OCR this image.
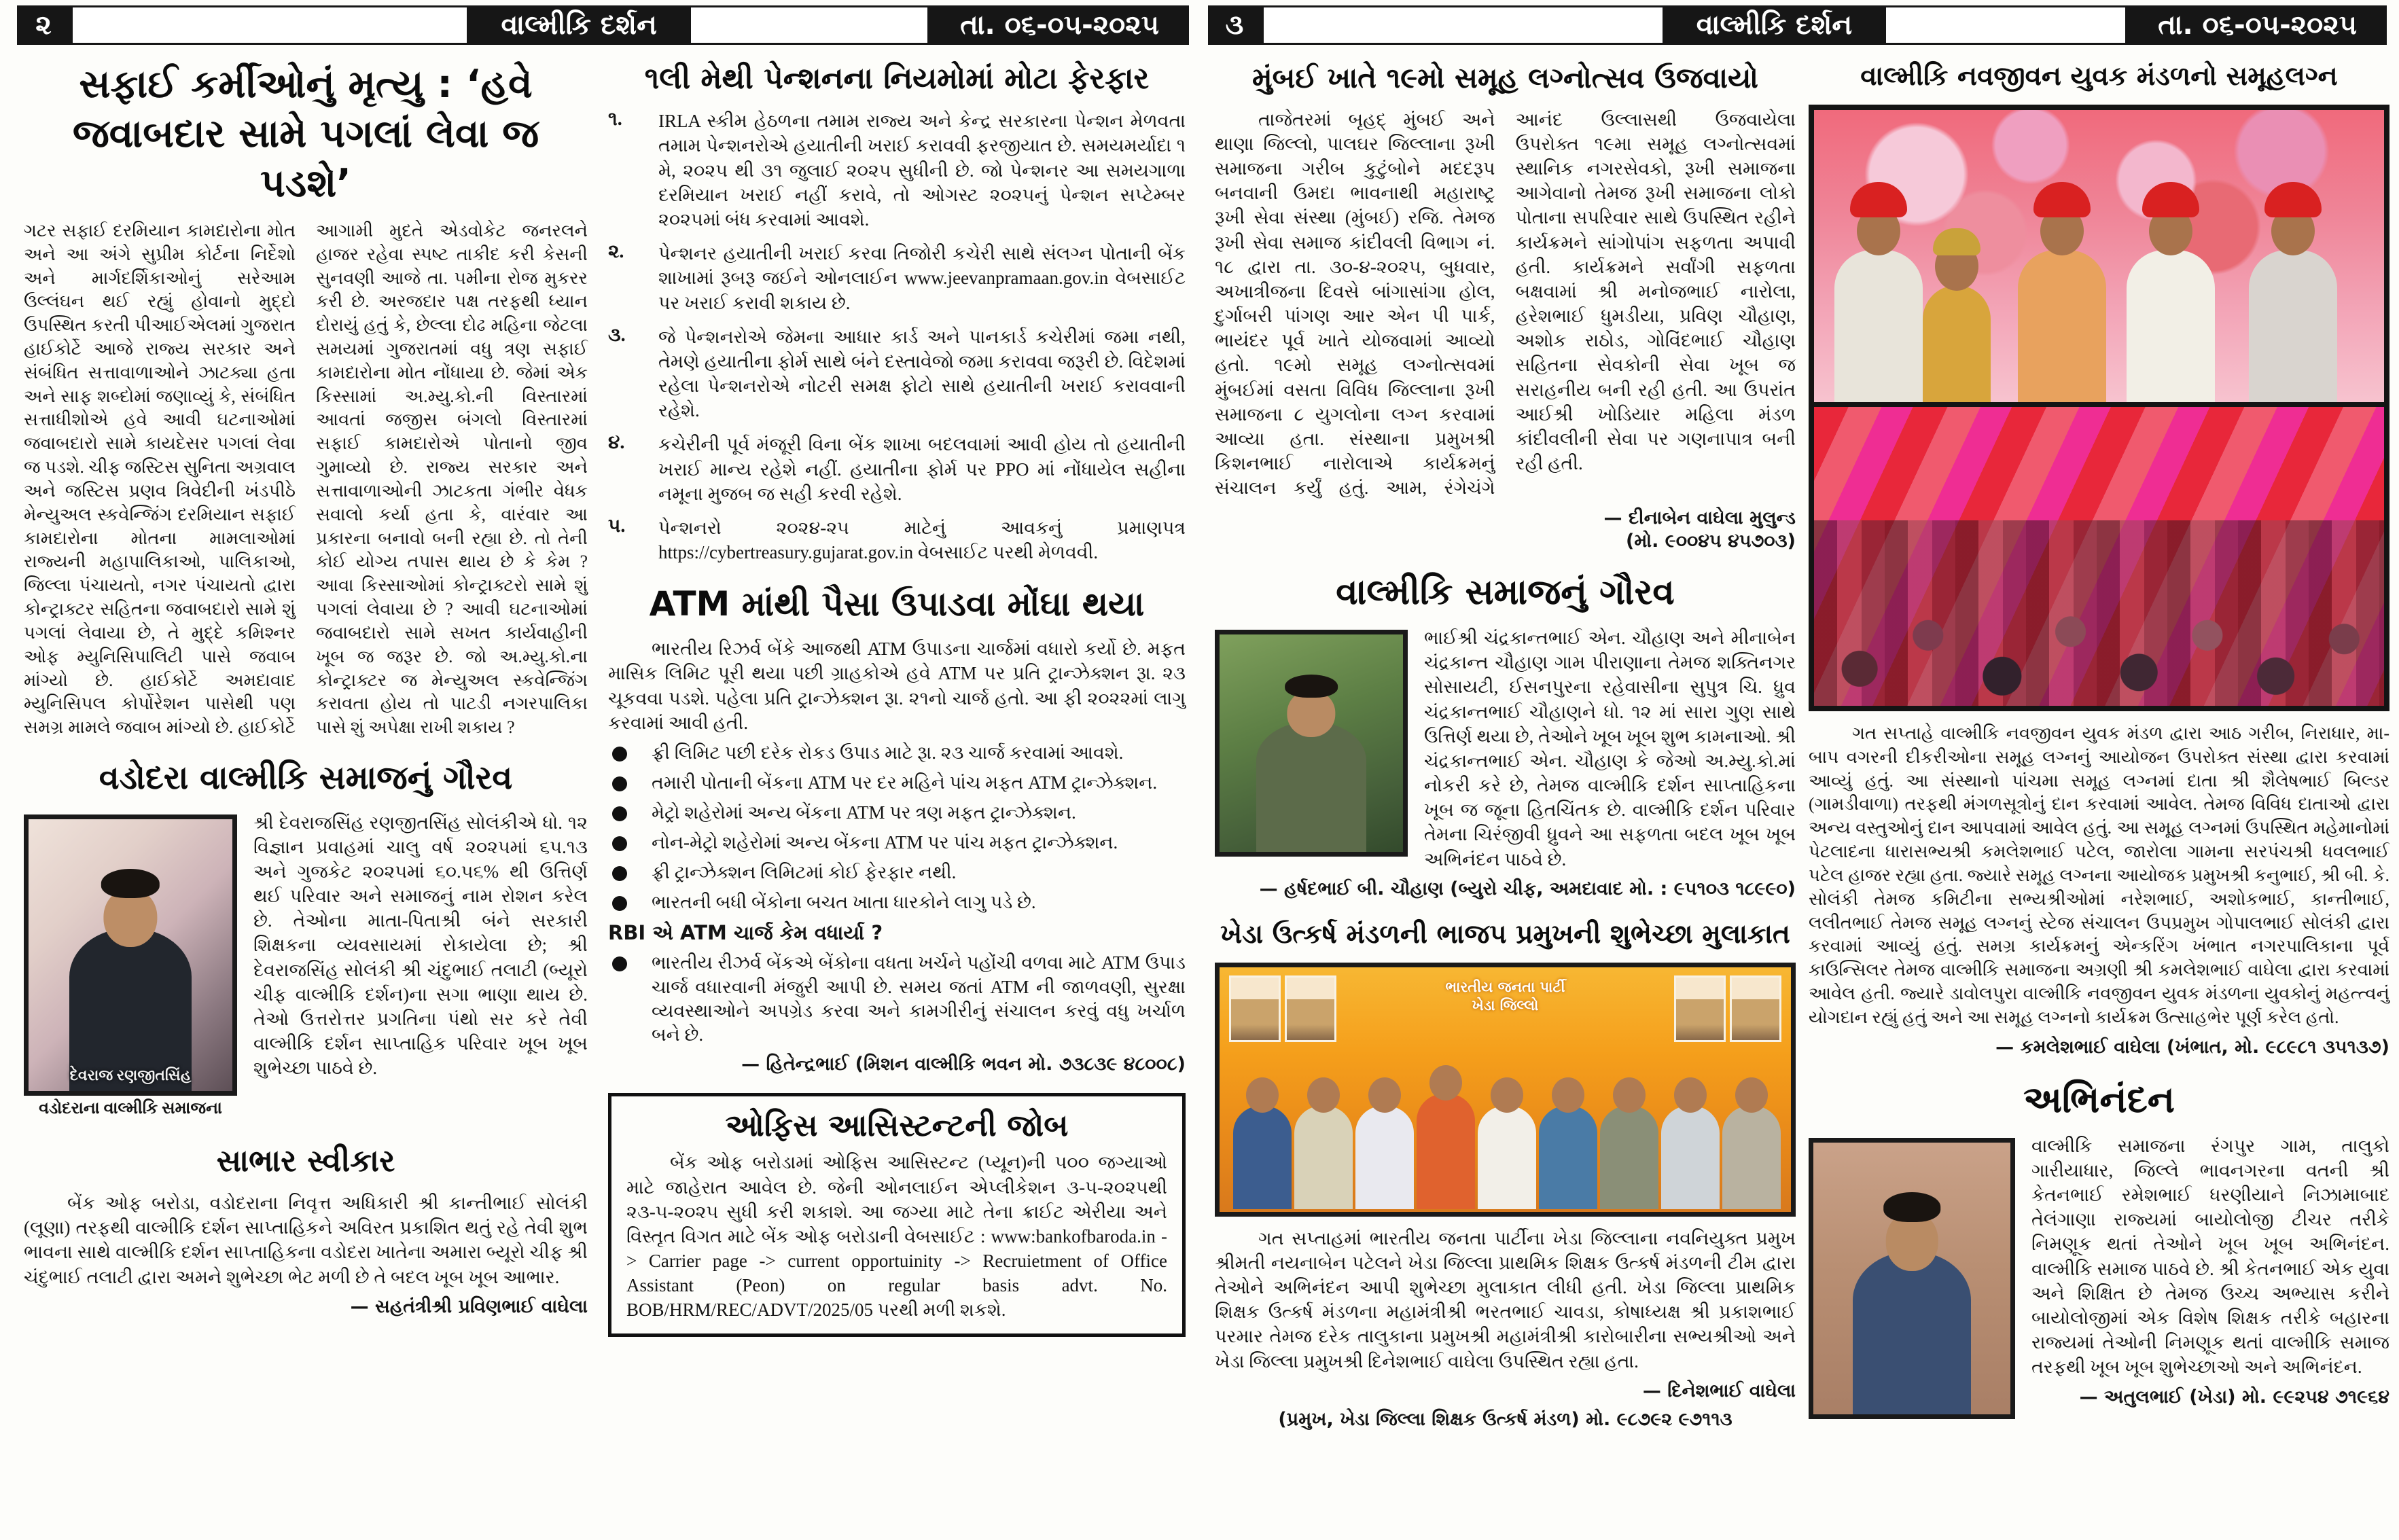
૨	વાલ્મીકિ દર્શન	તા. ૦૬-૦૫-૨૦૨૫	૩	વાલ્મીકિ દર્શન	તા. ૦૬-૦૫-૨૦૨૫
સફાઈ કર્મીઓનું મૃત્યુ : ‘હવે જવાબદાર સામે પગલાં લેવા જ પડશે’
ગટર સફાઈ દરમિયાન કામદારોના મોત અને આ અંગે સુપ્રીમ કોર્ટના નિર્દેશો અને માર્ગદર્શિકાઓનું સરેઆમ ઉલ્લંઘન થઈ રહ્યું હોવાનો મુદ્દો ઉપસ્થિત કરતી પીઆઈએલમાં ગુજરાત હાઈકોર્ટે આજે રાજ્ય સરકાર અને સંબંધિત સત્તાવાળાઓને ઝાટક્યા હતા અને સાફ શબ્દોમાં જણાવ્યું કે, સંબંધિત સત્તાધીશોએ હવે આવી ઘટનાઓમાં જવાબદારો સામે કાયદેસર પગલાં લેવા જ પડશે. ચીફ જસ્ટિસ સુનિતા અગ્રવાલ અને જસ્ટિસ પ્રણવ ત્રિવેદીની ખંડપીઠે મેન્યુઅલ સ્કવેન્જિંગ દરમિયાન સફાઈ કામદારોના મોતના મામલાઓમાં રાજ્યની મહાપાલિકાઓ, પાલિકાઓ, જિલ્લા પંચાયતો, નગર પંચાયતો દ્વારા કોન્ટ્રાક્ટર સહિતના જવાબદારો સામે શું પગલાં લેવાયા છે, તે મુદ્દે કમિશ્નર ઓફ મ્યુનિસિપાલિટી પાસે જવાબ માંગ્યો છે. હાઈકોર્ટે અમદાવાદ મ્યુનિસિપલ કોર્પોરેશન પાસેથી પણ સમગ્ર મામલે જવાબ માંગ્યો છે. હાઈકોર્ટે આગામી મુદતે એડવોકેટ જનરલને હાજર રહેવા સ્પષ્ટ તાકીદ કરી કેસની સુનવણી આજે તા. ૫મીના રોજ મુકરર કરી છે. અરજદાર પક્ષ તરફથી ધ્યાન દોરાયું હતું કે, છેલ્લા દોઢ મહિના જેટલા સમયમાં ગુજરાતમાં વધુ ત્રણ સફાઈ કામદારોના મોત નોંધાયા છે. જેમાં એક કિસ્સામાં અ.મ્યુ.કો.ની વિસ્તારમાં આવતાં જજીસ બંગલો વિસ્તારમાં સફાઈ કામદારોએ પોતાનો જીવ ગુમાવ્યો છે. રાજ્ય સરકાર અને સત્તાવાળાઓની ઝાટકતા ગંભીર વેધક સવાલો કર્યા હતા કે, વારંવાર આ પ્રકારના બનાવો બની રહ્યા છે. તો તેની કોઈ યોગ્ય તપાસ થાય છે કે કેમ ? આવા કિસ્સાઓમાં કોન્ટ્રાક્ટરો સામે શું પગલાં લેવાયા છે ? આવી ઘટનાઓમાં જવાબદારો સામે સખત કાર્યવાહીની ખૂબ જ જરૂર છે. જો અ.મ્યુ.કો.ના કોન્ટ્રાક્ટર જ મેન્યુઅલ સ્કવેન્જિંગ કરાવતા હોય તો પાટડી નગરપાલિકા પાસે શું અપેક્ષા રાખી શકાય ?
વડોદરા વાલ્મીકિ સમાજનું ગૌરવ
દેવરાજ રણજીતસિંહ
વડોદરાના વાલ્મીકિ સમાજના
શ્રી દેવરાજસિંહ રણજીતસિંહ સોલંકીએ ધો. ૧૨ વિજ્ઞાન પ્રવાહમાં ચાલુ વર્ષ ૨૦૨૫માં ૬૫.૧૩ અને ગુજકેટ ૨૦૨૫માં ૬૦.૫૬% થી ઉત્તિર્ણ થઈ પરિવાર અને સમાજનું નામ રોશન કરેલ છે. તેઓના માતા-પિતાશ્રી બંને સરકારી શિક્ષકના વ્યવસાયમાં રોકાયેલા છે; શ્રી દેવરાજસિંહ સોલંકી શ્રી ચંદુભાઈ તલાટી (બ્યૂરો ચીફ વાલ્મીકિ દર્શન)ના સગા ભાણા થાય છે. તેઓ ઉત્તરોત્તર પ્રગતિના પંથો સર કરે તેવી વાલ્મીકિ દર્શન સાપ્તાહિક પરિવાર ખૂબ ખૂબ શુભેચ્છા પાઠવે છે.
સાભાર સ્વીકાર
બેંક ઓફ બરોડા, વડોદરાના નિવૃત્ત અધિકારી શ્રી કાન્તીભાઈ સોલંકી (લૂણા) તરફથી વાલ્મીકિ દર્શન સાપ્તાહિકને અવિરત પ્રકાશિત થતું રહે તેવી શુભ ભાવના સાથે વાલ્મીકિ દર્શન સાપ્તાહિકના વડોદરા ખાતેના અમારા બ્યૂરો ચીફ શ્રી ચંદુભાઈ તલાટી દ્વારા અમને શુભેચ્છા ભેટ મળી છે તે બદલ ખૂબ ખૂબ આભાર.
— સહતંત્રીશ્રી પ્રવિણભાઈ વાઘેલા
૧લી મેથી પેન્શનના નિયમોમાં મોટા ફેરફાર
૧.	IRLA સ્કીમ હેઠળના તમામ રાજ્ય અને કેન્દ્ર સરકારના પેન્શન મેળવતા તમામ પેન્શનરોએ હયાતીની ખરાઈ કરાવવી ફરજીયાત છે. સમયમર્યાદા ૧ મે, ૨૦૨૫ થી ૩૧ જુલાઈ ૨૦૨૫ સુધીની છે. જો પેન્શનર આ સમયગાળા દરમિયાન ખરાઈ નહીં કરાવે, તો ઓગસ્ટ ૨૦૨૫નું પેન્શન સપ્ટેમ્બર ૨૦૨૫માં બંધ કરવામાં આવશે.
૨.	પેન્શનર હયાતીની ખરાઈ કરવા તિજોરી કચેરી સાથે સંલગ્ન પોતાની બેંક શાખામાં રૂબરૂ જઈને ઓનલાઈન www.jeevanpramaan.gov.in વેબસાઈટ પર ખરાઈ કરાવી શકાય છે.
૩.	જે પેન્શનરોએ જેમના આધાર કાર્ડ અને પાનકાર્ડ કચેરીમાં જમા નથી, તેમણે હયાતીના ફોર્મ સાથે બંને દસ્તાવેજો જમા કરાવવા જરૂરી છે. વિદેશમાં રહેલા પેન્શનરોએ નોટરી સમક્ષ ફોટો સાથે હયાતીની ખરાઈ કરાવવાની રહેશે.
૪.	કચેરીની પૂર્વ મંજૂરી વિના બેંક શાખા બદલવામાં આવી હોય તો હયાતીની ખરાઈ માન્ય રહેશે નહીં. હયાતીના ફોર્મ પર PPO માં નોંધાયેલ સહીના નમૂના મુજબ જ સહી કરવી રહેશે.
૫.	પેન્શનરો ૨૦૨૪-૨૫ માટેનું આવકનું પ્રમાણપત્ર https://cybertreasury.gujarat.gov.in વેબસાઈટ પરથી મેળવવી.
ATM માંથી પૈસા ઉપાડવા મોંઘા થયા
ભારતીય રિઝર્વ બેંકે આજથી ATM ઉપાડના ચાર્જમાં વધારો કર્યો છે. મફત માસિક લિમિટ પૂરી થયા પછી ગ્રાહકોએ હવે ATM પર પ્રતિ ટ્રાન્ઝેક્શન રૂા. ૨૩ ચૂકવવા પડશે. પહેલા પ્રતિ ટ્રાન્ઝેક્શન રૂા. ૨૧નો ચાર્જ હતો. આ ફી ૨૦૨૨માં લાગુ કરવામાં આવી હતી.
ફ્રી લિમિટ પછી દરેક રોકડ ઉપાડ માટે રૂા. ૨૩ ચાર્જ કરવામાં આવશે.
તમારી પોતાની બેંકના ATM પર દર મહિને પાંચ મફત ATM ટ્રાન્ઝેક્શન.
મેટ્રો શહેરોમાં અન્ય બેંકના ATM પર ત્રણ મફત ટ્રાન્ઝેક્શન.
નોન-મેટ્રો શહેરોમાં અન્ય બેંકના ATM પર પાંચ મફત ટ્રાન્ઝેક્શન.
ફ્રી ટ્રાન્ઝેક્શન લિમિટમાં કોઈ ફેરફાર નથી.
ભારતની બધી બેંકોના બચત ખાતા ધારકોને લાગુ પડે છે.
RBI એ ATM ચાર્જ કેમ વધાર્યા ?
ભારતીય રીઝર્વ બેંકએ બેંકોના વધતા ખર્ચને પહોંચી વળવા માટે ATM ઉપાડ ચાર્જ વધારવાની મંજુરી આપી છે. સમય જતાં ATM ની જાળવણી, સુરક્ષા વ્યવસ્થાઓને અપગ્રેડ કરવા અને કામગીરીનું સંચાલન કરવું વધુ ખર્ચાળ બને છે.
— હિતેન્દ્રભાઈ (મિશન વાલ્મીકિ ભવન મો. ૭૩૮૩૯ ૪૮૦૦૮)
ઓફિસ આસિસ્ટન્ટની જોબ
બેંક ઓફ બરોડામાં ઓફિસ આસિસ્ટન્ટ (પ્યૂન)ની ૫૦૦ જગ્યાઓ માટે જાહેરાત આવેલ છે. જેની ઓનલાઈન એપ્લીકેશન ૩-૫-૨૦૨૫થી ૨૩-૫-૨૦૨૫ સુધી કરી શકાશે. આ જગ્યા માટે તેના ક્રાઈટ એરીયા અને વિસ્તૃત વિગત માટે બેંક ઓફ બરોડાની વેબસાઈટ : www:bankofbaroda.in -> Carrier page -> current opportuinity -> Recruietment of Office Assistant (Peon) on regular basis advt. No. BOB/HRM/REC/ADVT/2025/05 પરથી મળી શકશે.
મુંબઈ ખાતે ૧૯મો સમૂહ લગ્નોત્સવ ઉજવાયો
તાજેતરમાં બૃહદ્ મુંબઈ અને થાણા જિલ્લો, પાલઘર જિલ્લાના રૂખી સમાજના ગરીબ કુટુંબોને મદદરૂપ બનવાની ઉમદા ભાવનાથી મહારાષ્ટ્ર રૂખી સેવા સંસ્થા (મુંબઈ) રજિ. તેમજ રૂખી સેવા સમાજ કાંદીવલી વિભાગ નં. ૧૮ દ્વારા તા. ૩૦-૪-૨૦૨૫, બુધવાર, અખાત્રીજના દિવસે બાંગાસાંગા હોલ, દુર્ગાબરી પાંગણ આર એન પી પાર્ક, ભાયંદર પૂર્વ ખાતે યોજવામાં આવ્યો હતો. ૧૯મો સમૂહ લગ્નોત્સવમાં મુંબઈમાં વસતા વિવિધ જિલ્લાના રૂખી સમાજના ૮ યુગલોના લગ્ન કરવામાં આવ્યા હતા. સંસ્થાના પ્રમુખશ્રી કિશનભાઈ નારોલાએ કાર્યક્રમનું સંચાલન કર્યું હતું. આમ, રંગેચંગે આનંદ ઉલ્લાસથી ઉજવાયેલા ઉપરોક્ત ૧૯મા સમૂહ લગ્નોત્સવમાં સ્થાનિક નગરસેવકો, રૂખી સમાજના આગેવાનો તેમજ રૂખી સમાજના લોકો પોતાના સપરિવાર સાથે ઉપસ્થિત રહીને કાર્યક્રમને સાંગોપાંગ સફળતા અપાવી હતી. કાર્યક્રમને સર્વાંગી સફળતા બક્ષવામાં શ્રી મનોજભાઈ નારોલા, હરેશભાઈ ધુમડીયા, પ્રવિણ ચૌહાણ, અશોક રાઠોડ, ગોવિંદભાઈ ચૌહાણ સહિતના સેવકોની સેવા ખૂબ જ સરાહનીય બની રહી હતી. આ ઉપરાંત આઈશ્રી ખોડિયાર મહિલા મંડળ કાંદીવલીની સેવા પર ગણનાપાત્ર બની રહી હતી.
— દીનાબેન વાઘેલા મુલુન્ડ
(મો. ૯૦૦૪૫ ૪૫૭૦૩)
વાલ્મીકિ સમાજનું ગૌરવ
ભાઈશ્રી ચંદ્રકાન્તભાઈ એન. ચૌહાણ અને મીનાબેન ચંદ્રકાન્ત ચૌહાણ ગામ પીરાણાના તેમજ શક્તિનગર સોસાયટી, ઈસનપુરના રહેવાસીના સુપુત્ર ચિ. ધ્રુવ ચંદ્રકાન્તભાઈ ચૌહાણને ધો. ૧૨ માં સારા ગુણ સાથે ઉત્તિર્ણ થયા છે, તેઓને ખૂબ ખૂબ શુભ કામનાઓ. શ્રી ચંદ્રકાન્તભાઈ એન. ચૌહાણ કે જેઓ અ.મ્યુ.કો.માં નોકરી કરે છે, તેમજ વાલ્મીકિ દર્શન સાપ્તાહિકના ખૂબ જ જૂના હિતચિંતક છે. વાલ્મીકિ દર્શન પરિવાર તેમના ચિરંજીવી ધ્રુવને આ સફળતા બદલ ખૂબ ખૂબ અભિનંદન પાઠવે છે.
— હર્ષદભાઈ બી. ચૌહાણ (બ્યુરો ચીફ, અમદાવાદ મો. : ૯૫૧૦૩ ૧૮૯૯૦)
ખેડા ઉત્કર્ષ મંડળની ભાજપ પ્રમુખની શુભેચ્છા મુલાકાત
ભારતીય જનતા પાર્ટી
ખેડા જિલ્લો
ગત સપ્તાહમાં ભારતીય જનતા પાર્ટીના ખેડા જિલ્લાના નવનિયુક્ત પ્રમુખ શ્રીમતી નયનાબેન પટેલને ખેડા જિલ્લા પ્રાથમિક શિક્ષક ઉત્કર્ષ મંડળની ટીમ દ્વારા તેઓને અભિનંદન આપી શુભેચ્છા મુલાકાત લીધી હતી. ખેડા જિલ્લા પ્રાથમિક શિક્ષક ઉત્કર્ષ મંડળના મહામંત્રીશ્રી ભરતભાઈ ચાવડા, કોષાધ્યક્ષ શ્રી પ્રકાશભાઈ પરમાર તેમજ દરેક તાલુકાના પ્રમુખશ્રી મહામંત્રીશ્રી કારોબારીના સભ્યશ્રીઓ અને ખેડા જિલ્લા પ્રમુખશ્રી દિનેશભાઈ વાઘેલા ઉપસ્થિત રહ્યા હતા.
— દિનેશભાઈ વાઘેલા
(પ્રમુખ, ખેડા જિલ્લા શિક્ષક ઉત્કર્ષ મંડળ) મો. ૯૮૭૯૨ ૯૭૧૧૩
વાલ્મીકિ નવજીવન યુવક મંડળનો સમૂહલગ્ન
ગત સપ્તાહે વાલ્મીકિ નવજીવન યુવક મંડળ દ્વારા આઠ ગરીબ, નિરાધાર, મા-બાપ વગરની દીકરીઓના સમૂહ લગ્નનું આયોજન ઉપરોક્ત સંસ્થા દ્વારા કરવામાં આવ્યું હતું. આ સંસ્થાનો પાંચમા સમૂહ લગ્નમાં દાતા શ્રી શૈલેષભાઈ બિલ્ડર (ગામડીવાળા) તરફથી મંગળસૂત્રોનું દાન કરવામાં આવેલ. તેમજ વિવિધ દાતાઓ દ્વારા અન્ય વસ્તુઓનું દાન આપવામાં આવેલ હતું. આ સમૂહ લગ્નમાં ઉપસ્થિત મહેમાનોમાં પેટલાદના ધારાસભ્યશ્રી કમલેશભાઈ પટેલ, જારોલા ગામના સરપંચશ્રી ધવલભાઈ પટેલ હાજર રહ્યા હતા. જ્યારે સમૂહ લગ્નના આયોજક પ્રમુખશ્રી કનુભાઈ, શ્રી બી. કે. સોલંકી તેમજ કમિટીના સભ્યશ્રીઓમાં નરેશભાઈ, અશોકભાઈ, કાન્તીભાઈ, લલીતભાઈ તેમજ સમૂહ લગ્નનું સ્ટેજ સંચાલન ઉપપ્રમુખ ગોપાલભાઈ સોલંકી દ્વારા કરવામાં આવ્યું હતું. સમગ્ર કાર્યક્રમનું એન્કરિંગ ખંભાત નગરપાલિકાના પૂર્વ કાઉન્સિલર તેમજ વાલ્મીકિ સમાજના અગ્રણી શ્રી કમલેશભાઈ વાઘેલા દ્વારા કરવામાં આવેલ હતી. જ્યારે ડાવોલપુરા વાલ્મીકિ નવજીવન યુવક મંડળના યુવકોનું મહત્ત્વનું યોગદાન રહ્યું હતું અને આ સમૂહ લગ્નનો કાર્યક્રમ ઉત્સાહભેર પૂર્ણ કરેલ હતો.
— કમલેશભાઈ વાઘેલા (ખંભાત, મો. ૯૮૯૮૧ ૩૫૧૩૭)
અભિનંદન
વાલ્મીકિ સમાજના રંગપુર ગામ, તાલુકો ગારીયાધાર, જિલ્લે ભાવનગરના વતની શ્રી કેતનભાઈ રમેશભાઈ ધરણીયાને નિઝામાબાદ તેલંગાણા રાજ્યમાં બાયોલોજી ટીચર તરીકે નિમણૂક થતાં તેઓને ખૂબ ખૂબ અભિનંદન. વાલ્મીકિ સમાજ પાઠવે છે. શ્રી કેતનભાઈ એક યુવા અને શિક્ષિત છે તેમજ ઉચ્ચ અભ્યાસ કરીને બાયોલોજીમાં એક વિશેષ શિક્ષક તરીકે બહારના રાજ્યમાં તેઓની નિમણૂક થતાં વાલ્મીકિ સમાજ તરફથી ખૂબ ખૂબ શુભેચ્છાઓ અને અભિનંદન.
— અતુલભાઈ (ખેડા) મો. ૯૯૨૫૪ ૭૧૯૬૪
